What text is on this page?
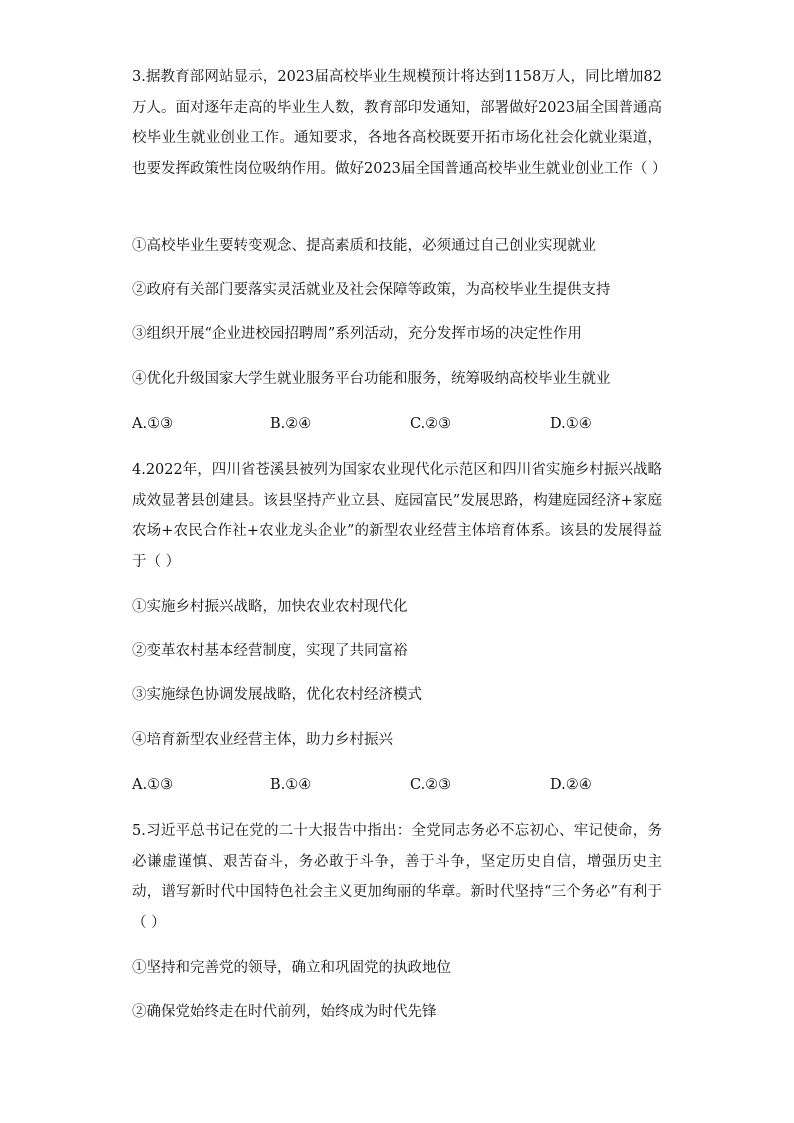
3.据教育部网站显示，2023届高校毕业生规模预计将达到1158万人，同比增加82万人。面对逐年走高的毕业生人数，教育部印发通知，部署做好2023届全国普通高校毕业生就业创业工作。通知要求，各地各高校既要开拓市场化社会化就业渠道，也要发挥政策性岗位吸纳作用。做好2023届全国普通高校毕业生就业创业工作（ ）

①高校毕业生要转变观念、提高素质和技能，必须通过自己创业实现就业

②政府有关部门要落实灵活就业及社会保障等政策，为高校毕业生提供支持

③组织开展“企业进校园招聘周”系列活动，充分发挥市场的决定性作用

④优化升级国家大学生就业服务平台功能和服务，统筹吸纳高校毕业生就业

A.①③	B.②④	C.②③	D.①④

4.2022年，四川省苍溪县被列为国家农业现代化示范区和四川省实施乡村振兴战略成效显著县创建县。该县坚持产业立县、庭园富民”发展思路，构建庭园经济+家庭农场+农民合作社+农业龙头企业”的新型农业经营主体培育体系。该县的发展得益于（ ）

①实施乡村振兴战略，加快农业农村现代化

②变革农村基本经营制度，实现了共同富裕

③实施绿色协调发展战略，优化农村经济模式

④培育新型农业经营主体，助力乡村振兴

A.①③	B.①④	C.②③	D.②④

5.习近平总书记在党的二十大报告中指出：全党同志务必不忘初心、牢记使命，务必谦虚谨慎、艰苦奋斗，务必敢于斗争，善于斗争，坚定历史自信，增强历史主动，谱写新时代中国特色社会主义更加绚丽的华章。新时代坚持“三个务必”有利于（ ）

①坚持和完善党的领导，确立和巩固党的执政地位

②确保党始终走在时代前列，始终成为时代先锋
